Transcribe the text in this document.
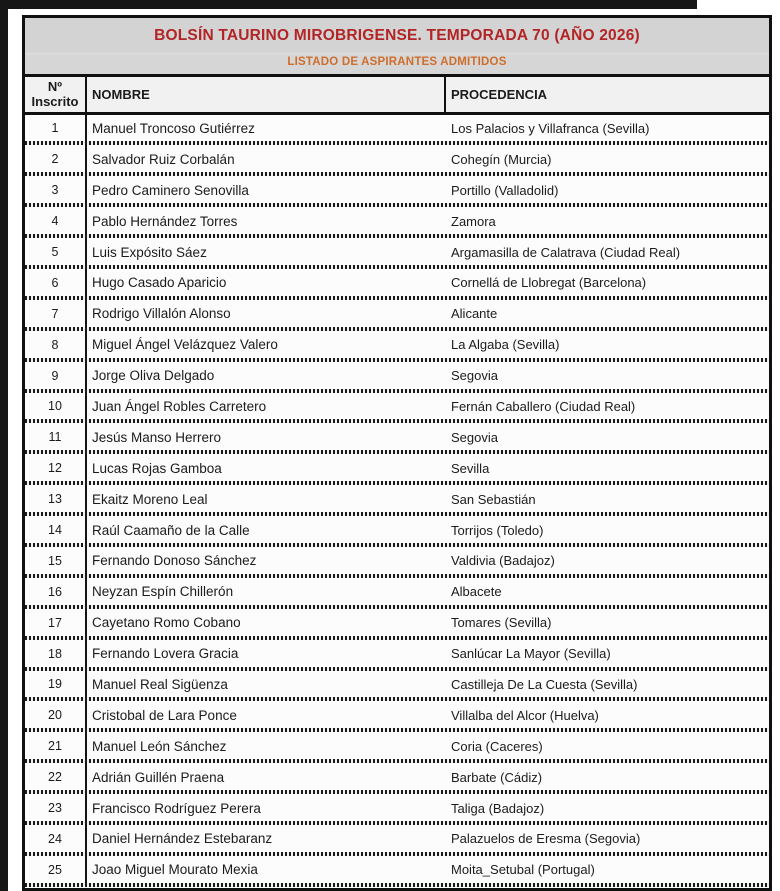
BOLSÍN TAURINO MIROBRIGENSE. TEMPORADA 70 (AÑO 2026)
LISTADO DE ASPIRANTES ADMITIDOS
Nº Inscrito	NOMBRE	PROCEDENCIA
1	Manuel Troncoso Gutiérrez	Los Palacios y Villafranca (Sevilla)
2	Salvador Ruiz Corbalán	Cohegín (Murcia)
3	Pedro Caminero Senovilla	Portillo (Valladolid)
4	Pablo Hernández Torres	Zamora
5	Luis Expósito Sáez	Argamasilla de Calatrava (Ciudad Real)
6	Hugo Casado Aparicio	Cornellá de Llobregat (Barcelona)
7	Rodrigo Villalón Alonso	Alicante
8	Miguel Ángel Velázquez Valero	La Algaba (Sevilla)
9	Jorge Oliva Delgado	Segovia
10	Juan Ángel Robles Carretero	Fernán Caballero (Ciudad Real)
11	Jesús Manso Herrero	Segovia
12	Lucas Rojas Gamboa	Sevilla
13	Ekaitz Moreno Leal	San Sebastián
14	Raúl Caamaño de la Calle	Torrijos (Toledo)
15	Fernando Donoso Sánchez	Valdivia (Badajoz)
16	Neyzan Espín Chillerón	Albacete
17	Cayetano Romo Cobano	Tomares (Sevilla)
18	Fernando Lovera Gracia	Sanlúcar La Mayor (Sevilla)
19	Manuel Real Sigüenza	Castilleja De La Cuesta (Sevilla)
20	Cristobal de Lara Ponce	Villalba del Alcor (Huelva)
21	Manuel León Sánchez	Coria (Caceres)
22	Adrián Guillén Praena	Barbate (Cádiz)
23	Francisco Rodríguez Perera	Taliga (Badajoz)
24	Daniel Hernández Estebaranz	Palazuelos de Eresma (Segovia)
25	Joao Miguel Mourato Mexia	Moita_Setubal (Portugal)
